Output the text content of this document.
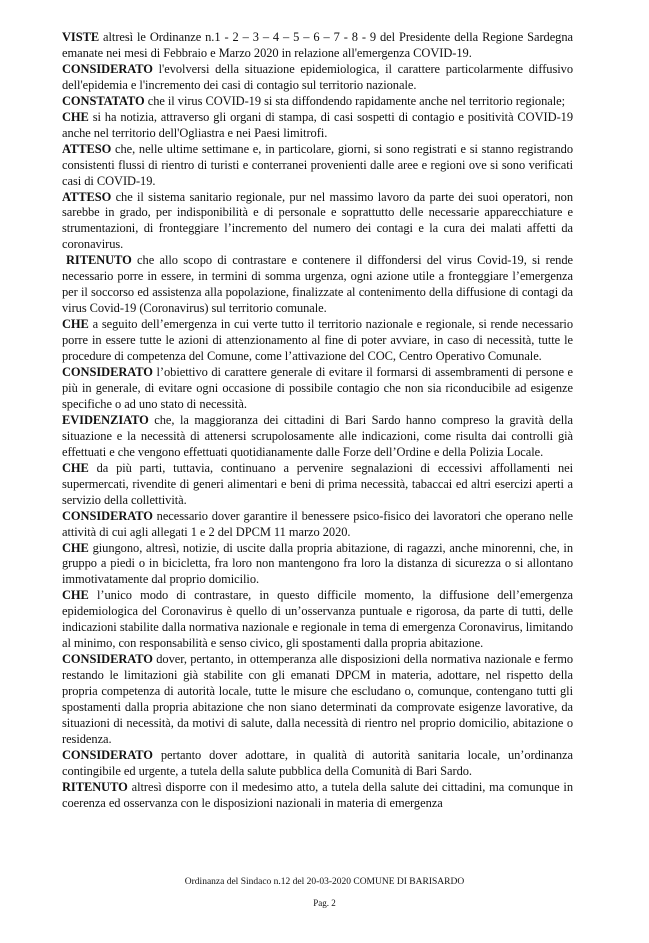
VISTE altresì le Ordinanze n.1 - 2 – 3 – 4 – 5 – 6 – 7 - 8 - 9 del Presidente della Regione Sardegna emanate nei mesi di Febbraio e Marzo 2020 in relazione all'emergenza COVID-19.

CONSIDERATO l'evolversi della situazione epidemiologica, il carattere particolarmente diffusivo dell'epidemia e l'incremento dei casi di contagio sul territorio nazionale.

CONSTATATO che il virus COVID-19 si sta diffondendo rapidamente anche nel territorio regionale;

CHE si ha notizia, attraverso gli organi di stampa, di casi sospetti di contagio e positività COVID-19 anche nel territorio dell'Ogliastra e nei Paesi limitrofi.

ATTESO che, nelle ultime settimane e, in particolare, giorni, si sono registrati e si stanno registrando consistenti flussi di rientro di turisti e conterranei provenienti dalle aree e regioni ove si sono verificati casi di COVID-19.

ATTESO che il sistema sanitario regionale, pur nel massimo lavoro da parte dei suoi operatori, non sarebbe in grado, per indisponibilità e di personale e soprattutto delle necessarie apparecchiature e strumentazioni, di fronteggiare l’incremento del numero dei contagi e la cura dei malati affetti da coronavirus.

RITENUTO che allo scopo di contrastare e contenere il diffondersi del virus Covid-19, si rende necessario porre in essere, in termini di somma urgenza, ogni azione utile a fronteggiare l’emergenza per il soccorso ed assistenza alla popolazione, finalizzate al contenimento della diffusione di contagi da virus Covid-19 (Coronavirus) sul territorio comunale.

CHE a seguito dell’emergenza in cui verte tutto il territorio nazionale e regionale, si rende necessario porre in essere tutte le azioni di attenzionamento al fine di poter avviare, in caso di necessità, tutte le procedure di competenza del Comune, come l’attivazione del COC, Centro Operativo Comunale.

CONSIDERATO l’obiettivo di carattere generale di evitare il formarsi di assembramenti di persone e più in generale, di evitare ogni occasione di possibile contagio che non sia riconducibile ad esigenze specifiche o ad uno stato di necessità.

EVIDENZIATO che, la maggioranza dei cittadini di Bari Sardo hanno compreso la gravità della situazione e la necessità di attenersi scrupolosamente alle indicazioni, come risulta dai controlli già effettuati e che vengono effettuati quotidianamente dalle Forze dell’Ordine e della Polizia Locale.

CHE da più parti, tuttavia, continuano a pervenire segnalazioni di eccessivi affollamenti nei supermercati, rivendite di generi alimentari e beni di prima necessità, tabaccai ed altri esercizi aperti a servizio della collettività.

CONSIDERATO necessario dover garantire il benessere psico-fisico dei lavoratori che operano nelle attività di cui agli allegati 1 e 2 del DPCM 11 marzo 2020.

CHE giungono, altresì, notizie, di uscite dalla propria abitazione, di ragazzi, anche minorenni, che, in gruppo a piedi o in bicicletta, fra loro non mantengono fra loro la distanza di sicurezza o si allontano immotivatamente dal proprio domicilio.

CHE l’unico modo di contrastare, in questo difficile momento, la diffusione dell’emergenza epidemiologica del Coronavirus è quello di un’osservanza puntuale e rigorosa, da parte di tutti, delle indicazioni stabilite dalla normativa nazionale e regionale in tema di emergenza Coronavirus, limitando al minimo, con responsabilità e senso civico, gli spostamenti dalla propria abitazione.

CONSIDERATO dover, pertanto, in ottemperanza alle disposizioni della normativa nazionale e fermo restando le limitazioni già stabilite con gli emanati DPCM in materia, adottare, nel rispetto della propria competenza di autorità locale, tutte le misure che escludano o, comunque, contengano tutti gli spostamenti dalla propria abitazione che non siano determinati da comprovate esigenze lavorative, da situazioni di necessità, da motivi di salute, dalla necessità di rientro nel proprio domicilio, abitazione o residenza.

CONSIDERATO pertanto dover adottare, in qualità di autorità sanitaria locale, un’ordinanza contingibile ed urgente, a tutela della salute pubblica della Comunità di Bari Sardo.

RITENUTO altresì disporre con il medesimo atto, a tutela della salute dei cittadini, ma comunque in coerenza ed osservanza con le disposizioni nazionali in materia di emergenza

Ordinanza del Sindaco n.12 del 20-03-2020 COMUNE DI BARISARDO
Pag. 2
